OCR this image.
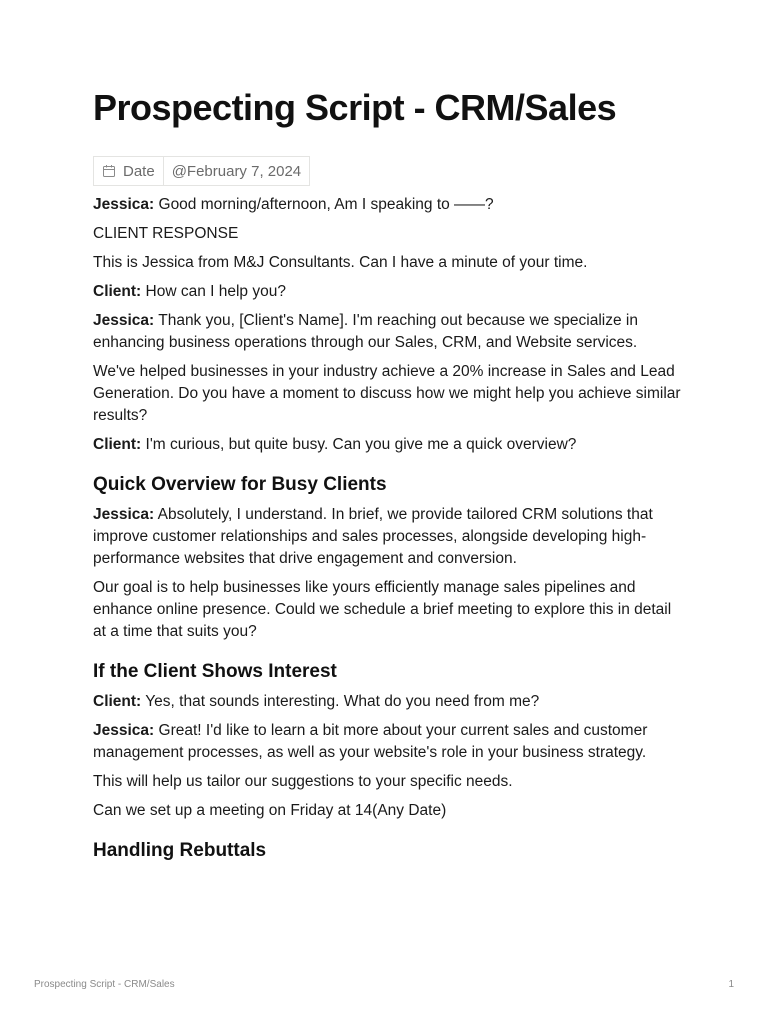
Prospecting Script - CRM/Sales
Date @February 7, 2024

Jessica: Good morning/afternoon, Am I speaking to ——?

CLIENT RESPONSE

This is Jessica from M&J Consultants. Can I have a minute of your time.

Client: How can I help you?

Jessica: Thank you, [Client's Name]. I'm reaching out because we specialize in enhancing business operations through our Sales, CRM, and Website services.

We've helped businesses in your industry achieve a 20% increase in Sales and Lead Generation. Do you have a moment to discuss how we might help you achieve similar results?

Client: I'm curious, but quite busy. Can you give me a quick overview?

Quick Overview for Busy Clients

Jessica: Absolutely, I understand. In brief, we provide tailored CRM solutions that improve customer relationships and sales processes, alongside developing high-performance websites that drive engagement and conversion.

Our goal is to help businesses like yours efficiently manage sales pipelines and enhance online presence. Could we schedule a brief meeting to explore this in detail at a time that suits you?

If the Client Shows Interest

Client: Yes, that sounds interesting. What do you need from me?

Jessica: Great! I'd like to learn a bit more about your current sales and customer management processes, as well as your website's role in your business strategy.

This will help us tailor our suggestions to your specific needs.

Can we set up a meeting on Friday at 14(Any Date)

Handling Rebuttals
Prospecting Script - CRM/Sales	1
